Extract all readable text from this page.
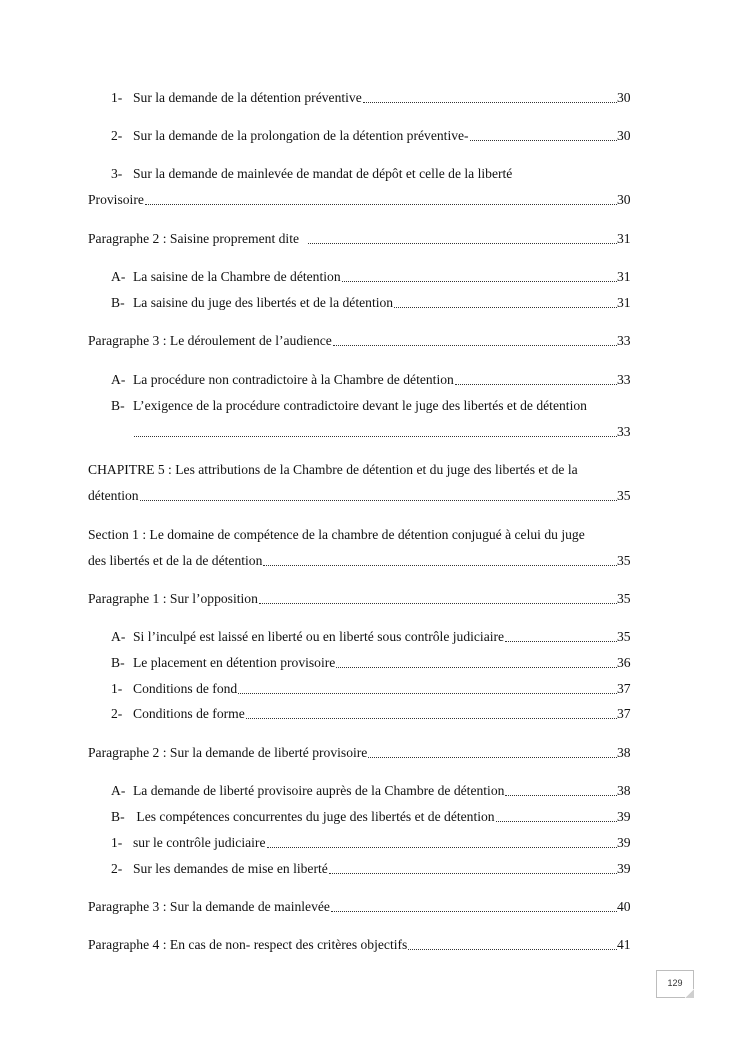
1- Sur la demande de la détention préventive	30
2- Sur la demande de la prolongation de la détention préventive-	30
3- Sur la demande de mainlevée de mandat de dépôt et celle de la liberté
Provisoire	30
Paragraphe 2 : Saisine proprement dite	31
A- La saisine de la Chambre de détention	31
B- La saisine du juge des libertés et de la détention	31
Paragraphe 3 : Le déroulement de l’audience	33
A- La procédure non contradictoire à la Chambre de détention	33
B- L’exigence de la procédure contradictoire devant le juge des libertés et de détention
33
CHAPITRE 5 : Les attributions de la Chambre de détention et du juge des libertés et de la
détention	35
Section 1 : Le domaine de compétence de la chambre de détention conjugué à celui du juge
des libertés et de la de détention	35
Paragraphe 1 : Sur l’opposition	35
A- Si l’inculpé est laissé en liberté ou en liberté sous contrôle judiciaire	35
B- Le placement en détention provisoire	36
1- Conditions de fond	37
2- Conditions de forme	37
Paragraphe 2 : Sur la demande de liberté provisoire	38
A- La demande de liberté provisoire auprès de la Chambre de détention	38
B- Les compétences concurrentes du juge des libertés et de détention	39
1- sur le contrôle judiciaire	39
2- Sur les demandes de mise en liberté	39
Paragraphe 3 : Sur la demande de mainlevée	40
Paragraphe 4 : En cas de non- respect des critères objectifs	41
129
